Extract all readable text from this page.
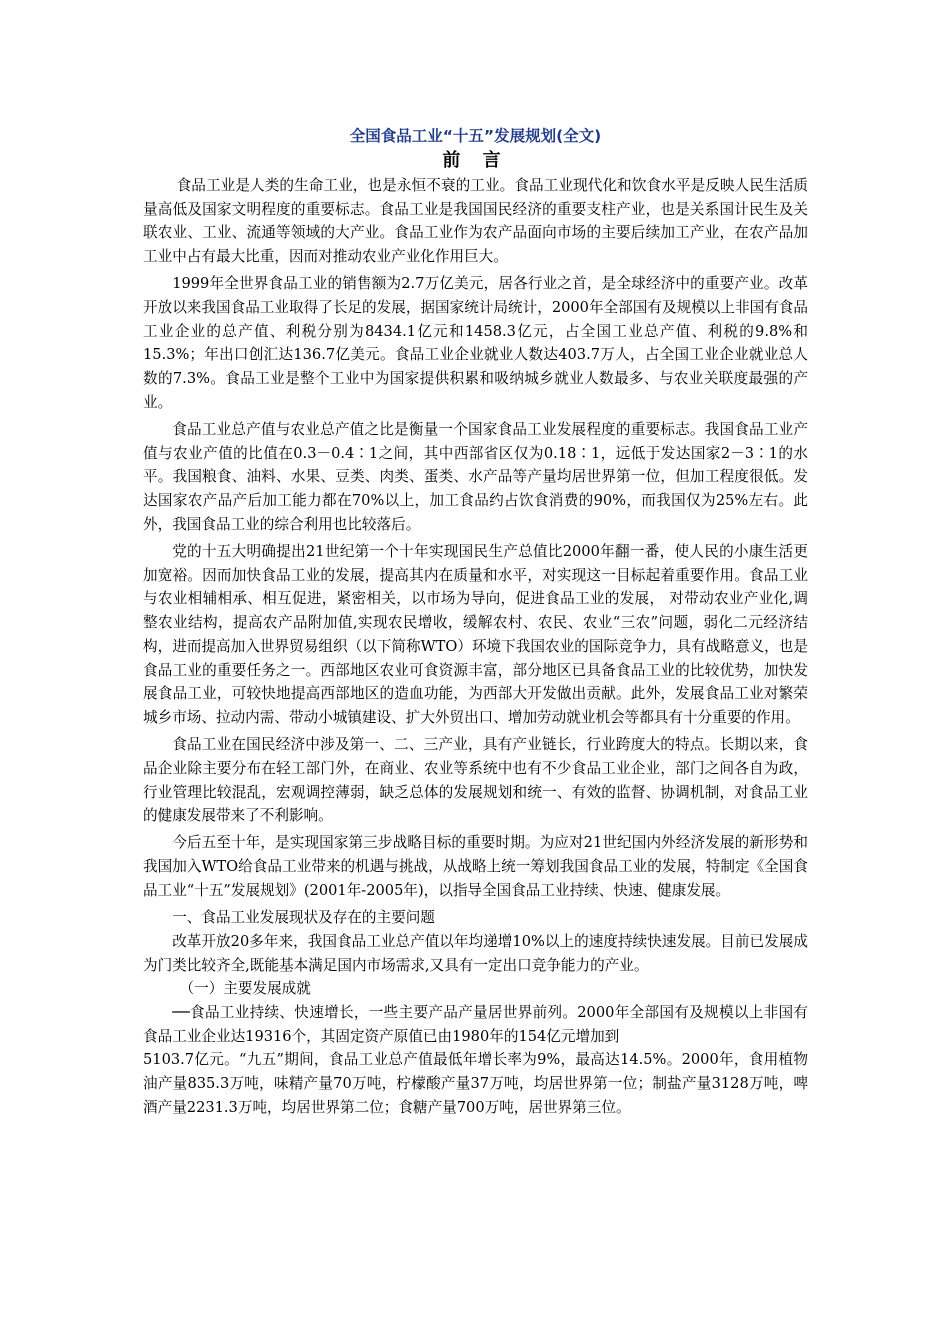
全国食品工业“十五”发展规划(全文)
前 言

食品工业是人类的生命工业，也是永恒不衰的工业。食品工业现代化和饮食水平是反映人民生活质量高低及国家文明程度的重要标志。食品工业是我国国民经济的重要支柱产业，也是关系国计民生及关联农业、工业、流通等领域的大产业。食品工业作为农产品面向市场的主要后续加工产业，在农产品加工业中占有最大比重，因而对推动农业产业化作用巨大。

1999年全世界食品工业的销售额为2.7万亿美元，居各行业之首，是全球经济中的重要产业。改革开放以来我国食品工业取得了长足的发展，据国家统计局统计，2000年全部国有及规模以上非国有食品工业企业的总产值、利税分别为8434.1亿元和1458.3亿元，占全国工业总产值、利税的9.8%和15.3%；年出口创汇达136.7亿美元。食品工业企业就业人数达403.7万人，占全国工业企业就业总人数的7.3%。食品工业是整个工业中为国家提供积累和吸纳城乡就业人数最多、与农业关联度最强的产业。

食品工业总产值与农业总产值之比是衡量一个国家食品工业发展程度的重要标志。我国食品工业产值与农业产值的比值在0.3－0.4∶1之间，其中西部省区仅为0.18∶1，远低于发达国家2－3∶1的水平。我国粮食、油料、水果、豆类、肉类、蛋类、水产品等产量均居世界第一位，但加工程度很低。发达国家农产品产后加工能力都在70%以上，加工食品约占饮食消费的90%，而我国仅为25%左右。此外，我国食品工业的综合利用也比较落后。

党的十五大明确提出21世纪第一个十年实现国民生产总值比2000年翻一番，使人民的小康生活更加宽裕。因而加快食品工业的发展，提高其内在质量和水平，对实现这一目标起着重要作用。食品工业与农业相辅相承、相互促进，紧密相关，以市场为导向，促进食品工业的发展， 对带动农业产业化,调整农业结构，提高农产品附加值,实现农民增收，缓解农村、农民、农业“三农”问题，弱化二元经济结构，进而提高加入世界贸易组织（以下简称WTO）环境下我国农业的国际竞争力，具有战略意义，也是食品工业的重要任务之一。西部地区农业可食资源丰富，部分地区已具备食品工业的比较优势，加快发展食品工业，可较快地提高西部地区的造血功能，为西部大开发做出贡献。此外，发展食品工业对繁荣城乡市场、拉动内需、带动小城镇建设、扩大外贸出口、增加劳动就业机会等都具有十分重要的作用。

食品工业在国民经济中涉及第一、二、三产业，具有产业链长，行业跨度大的特点。长期以来，食品企业除主要分布在轻工部门外，在商业、农业等系统中也有不少食品工业企业，部门之间各自为政，行业管理比较混乱，宏观调控薄弱，缺乏总体的发展规划和统一、有效的监督、协调机制，对食品工业的健康发展带来了不利影响。

今后五至十年，是实现国家第三步战略目标的重要时期。为应对21世纪国内外经济发展的新形势和我国加入WTO给食品工业带来的机遇与挑战，从战略上统一筹划我国食品工业的发展，特制定《全国食品工业“十五”发展规划》(2001年-2005年)，以指导全国食品工业持续、快速、健康发展。

一、食品工业发展现状及存在的主要问题

改革开放20多年来，我国食品工业总产值以年均递增10%以上的速度持续快速发展。目前已发展成为门类比较齐全,既能基本满足国内市场需求,又具有一定出口竞争能力的产业。

（一）主要发展成就

──食品工业持续、快速增长，一些主要产品产量居世界前列。2000年全部国有及规模以上非国有食品工业企业达19316个，其固定资产原值已由1980年的154亿元增加到

5103.7亿元。“九五”期间，食品工业总产值最低年增长率为9%，最高达14.5%。2000年，食用植物油产量835.3万吨，味精产量70万吨，柠檬酸产量37万吨，均居世界第一位；制盐产量3128万吨，啤酒产量2231.3万吨，均居世界第二位；食糖产量700万吨，居世界第三位。
